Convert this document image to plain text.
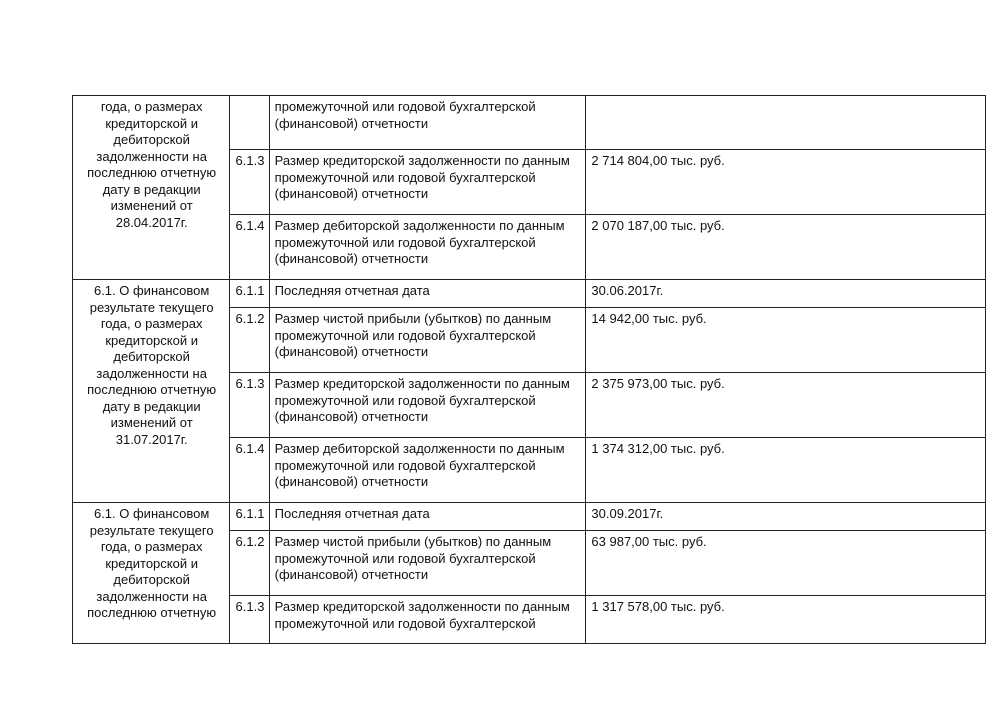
года, о размерах кредиторской и дебиторской задолженности на последнюю отчетную дату в редакции изменений от 28.04.2017г.		промежуточной или годовой бухгалтерской (финансовой) отчетности	
	6.1.3	Размер кредиторской задолженности по данным промежуточной или годовой бухгалтерской (финансовой) отчетности	2 714 804,00 тыс. руб.
	6.1.4	Размер дебиторской задолженности по данным промежуточной или годовой бухгалтерской (финансовой) отчетности	2 070 187,00 тыс. руб.
6.1. О финансовом результате текущего года, о размерах кредиторской и дебиторской задолженности на последнюю отчетную дату в редакции изменений от 31.07.2017г.	6.1.1	Последняя отчетная дата	30.06.2017г.
	6.1.2	Размер чистой прибыли (убытков) по данным промежуточной или годовой бухгалтерской (финансовой) отчетности	14 942,00 тыс. руб.
	6.1.3	Размер кредиторской задолженности по данным промежуточной или годовой бухгалтерской (финансовой) отчетности	2 375 973,00 тыс. руб.
	6.1.4	Размер дебиторской задолженности по данным промежуточной или годовой бухгалтерской (финансовой) отчетности	1 374 312,00 тыс. руб.
6.1. О финансовом результате текущего года, о размерах кредиторской и дебиторской задолженности на последнюю отчетную	6.1.1	Последняя отчетная дата	30.09.2017г.
	6.1.2	Размер чистой прибыли (убытков) по данным промежуточной или годовой бухгалтерской (финансовой) отчетности	63 987,00 тыс. руб.
	6.1.3	Размер кредиторской задолженности по данным промежуточной или годовой бухгалтерской	1 317 578,00 тыс. руб.
